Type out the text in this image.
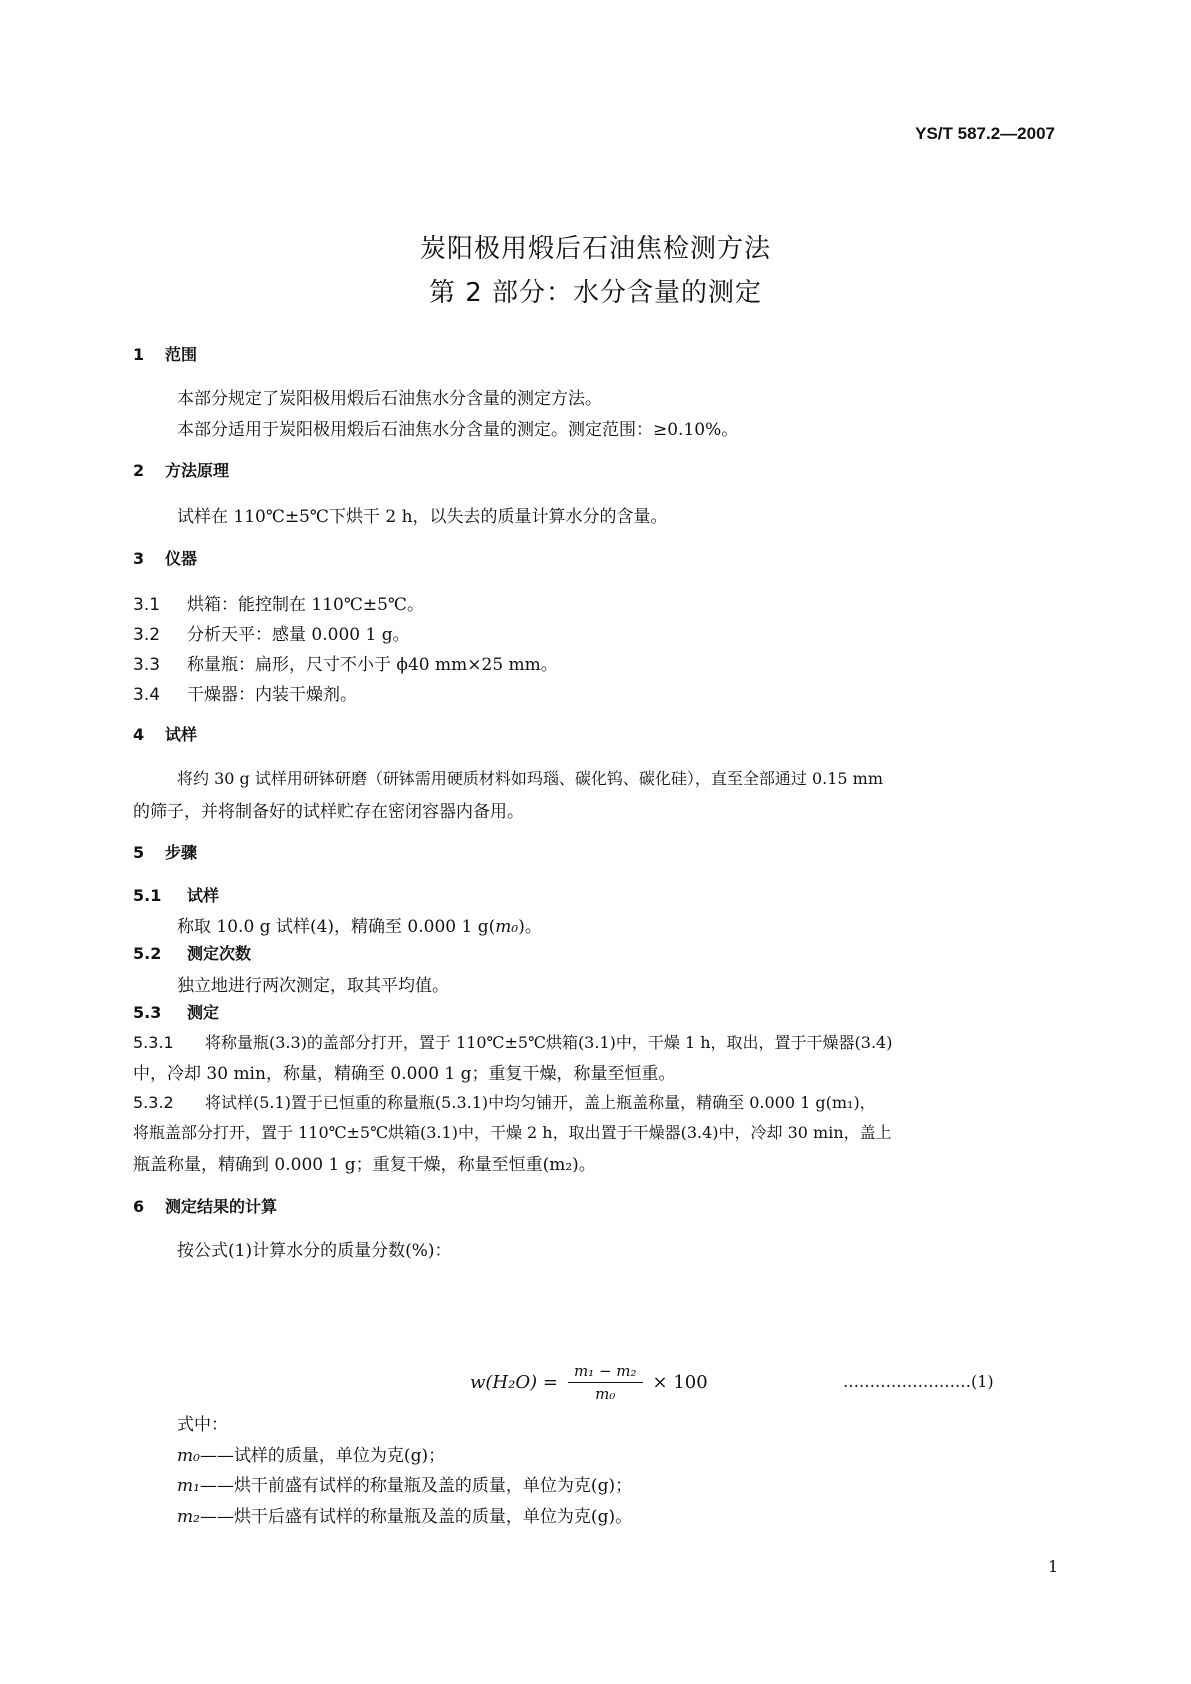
YS/T 587.2—2007
炭阳极用煅后石油焦检测方法
第 2 部分：水分含量的测定
1 范围
本部分规定了炭阳极用煅后石油焦水分含量的测定方法。
本部分适用于炭阳极用煅后石油焦水分含量的测定。测定范围：≥0.10%。
2 方法原理
试样在 110℃±5℃下烘干 2 h，以失去的质量计算水分的含量。
3 仪器
3.1 烘箱：能控制在 110℃±5℃。
3.2 分析天平：感量 0.000 1 g。
3.3 称量瓶：扁形，尺寸不小于 ϕ40 mm×25 mm。
3.4 干燥器：内装干燥剂。
4 试样
将约 30 g 试样用研钵研磨（研钵需用硬质材料如玛瑙、碳化钨、碳化硅），直至全部通过 0.15 mm
的筛子，并将制备好的试样贮存在密闭容器内备用。
5 步骤
5.1 试样
称取 10.0 g 试样(4)，精确至 0.000 1 g(m₀)。
5.2 测定次数
独立地进行两次测定，取其平均值。
5.3 测定
5.3.1 将称量瓶(3.3)的盖部分打开，置于 110℃±5℃烘箱(3.1)中，干燥 1 h，取出，置于干燥器(3.4)
中，冷却 30 min，称量，精确至 0.000 1 g；重复干燥，称量至恒重。
5.3.2 将试样(5.1)置于已恒重的称量瓶(5.3.1)中均匀铺开，盖上瓶盖称量，精确至 0.000 1 g(m₁)，
将瓶盖部分打开，置于 110℃±5℃烘箱(3.1)中，干燥 2 h，取出置于干燥器(3.4)中，冷却 30 min，盖上
瓶盖称量，精确到 0.000 1 g；重复干燥，称量至恒重(m₂)。
6 测定结果的计算
按公式(1)计算水分的质量分数(%)：
$w(H_2O) = \frac{\text{m₁ − m₂}}{\text{m₀}} \times 100$	……………………(1)
式中：
m₀——试样的质量，单位为克(g)；
m₁——烘干前盛有试样的称量瓶及盖的质量，单位为克(g)；
m₂——烘干后盛有试样的称量瓶及盖的质量，单位为克(g)。
1
